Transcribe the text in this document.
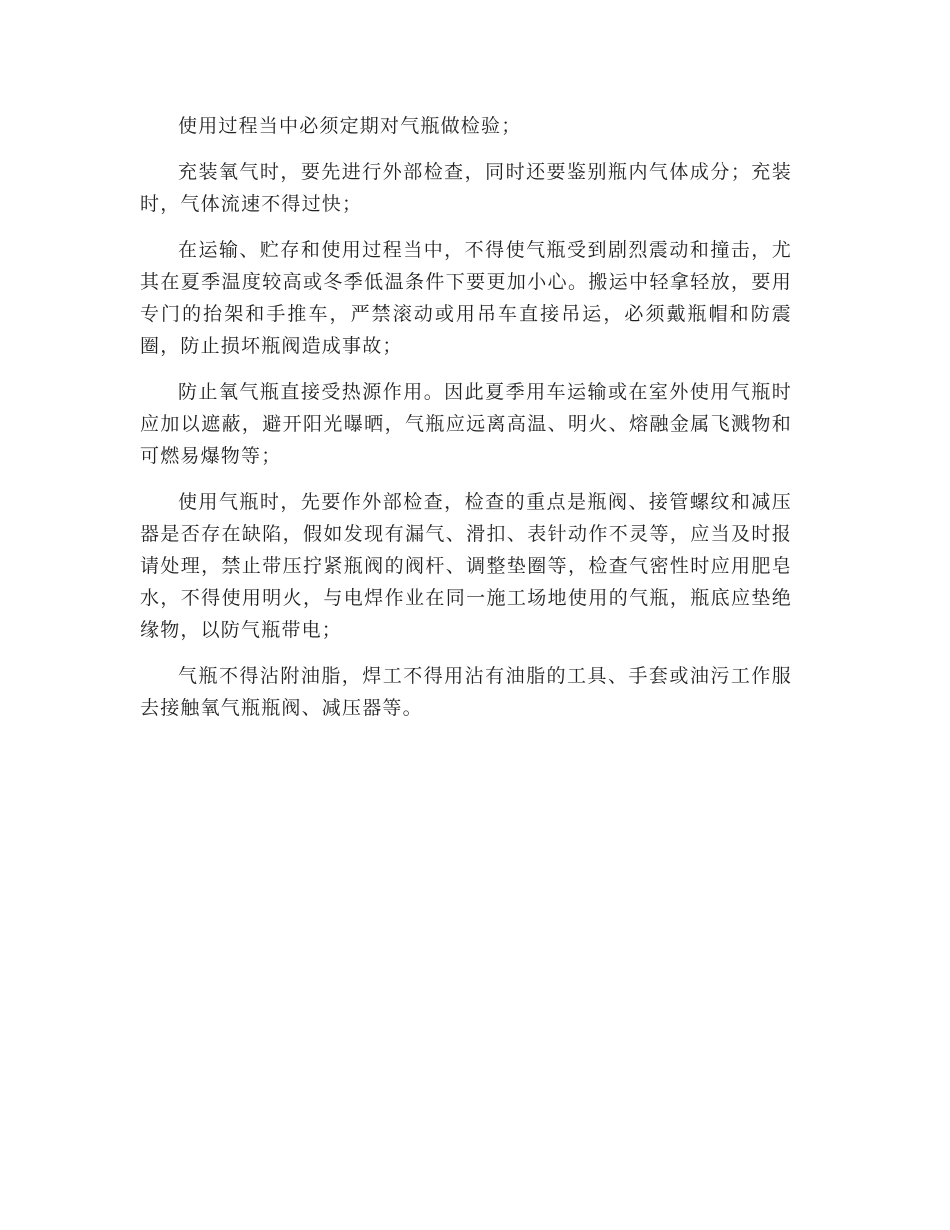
使用过程当中必须定期对气瓶做检验；

充装氧气时，要先进行外部检查，同时还要鉴别瓶内气体成分；充装时，气体流速不得过快；

在运输、贮存和使用过程当中，不得使气瓶受到剧烈震动和撞击，尤其在夏季温度较高或冬季低温条件下要更加小心。搬运中轻拿轻放，要用专门的抬架和手推车，严禁滚动或用吊车直接吊运，必须戴瓶帽和防震圈，防止损坏瓶阀造成事故；

防止氧气瓶直接受热源作用。因此夏季用车运输或在室外使用气瓶时应加以遮蔽，避开阳光曝晒，气瓶应远离高温、明火、熔融金属飞溅物和可燃易爆物等；

使用气瓶时，先要作外部检查，检查的重点是瓶阀、接管螺纹和减压器是否存在缺陷，假如发现有漏气、滑扣、表针动作不灵等，应当及时报请处理，禁止带压拧紧瓶阀的阀杆、调整垫圈等，检查气密性时应用肥皂水，不得使用明火，与电焊作业在同一施工场地使用的气瓶，瓶底应垫绝缘物，以防气瓶带电；

气瓶不得沾附油脂，焊工不得用沾有油脂的工具、手套或油污工作服去接触氧气瓶瓶阀、减压器等。
